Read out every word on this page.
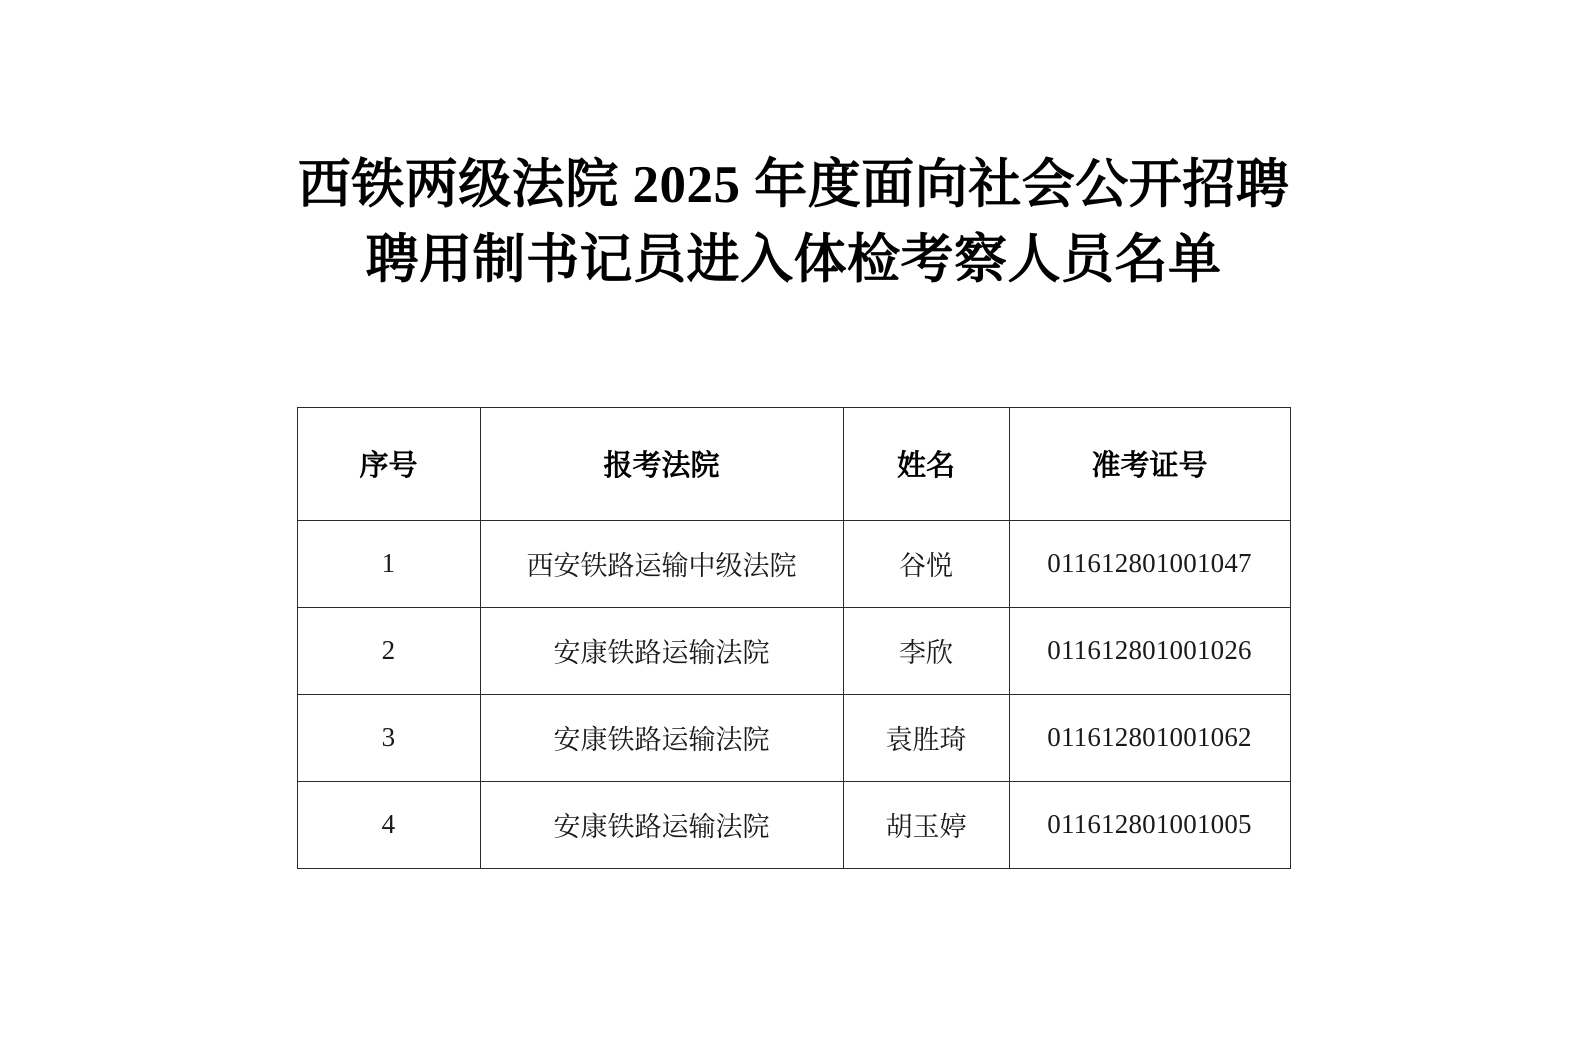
西铁两级法院 2025 年度面向社会公开招聘
聘用制书记员进入体检考察人员名单
序号	报考法院	姓名	准考证号
1	西安铁路运输中级法院	谷悦	011612801001047
2	安康铁路运输法院	李欣	011612801001026
3	安康铁路运输法院	袁胜琦	011612801001062
4	安康铁路运输法院	胡玉婷	011612801001005
